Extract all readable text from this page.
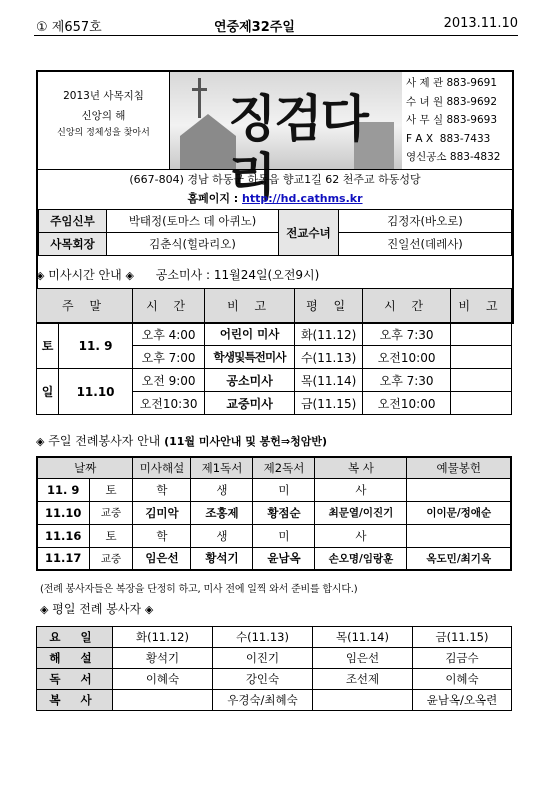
① 제657호	연중제32주일	2013.11.10
2013년 사목지침
신앙의 해
신앙의 정체성을 찾아서	징검다리
사 제 관 883-9691
수 녀 원 883-9692
사 무 실 883-9693
F A X 883-7433
영신공소 883-4832
(667-804) 경남 하동군 하동읍 향교1길 62 천주교 하동성당
홈페이지 : http://hd.cathms.kr
주임신부	박태정(토마스 데 아퀴노)	전교수녀	김정자(바오로)
사목회장	김춘식(힐라리오)		진일선(데레사)
◈ 미사시간 안내 ◈ 공소미사 : 11월24일(오전9시)
주 말		시 간	비 고	평 일	시 간	비 고
토	11. 9	오후 4:00	어린이 미사	화(11.12)	오후 7:30	
		오후 7:00	학생및특전미사	수(11.13)	오전10:00	
일	11.10	오전 9:00	공소미사	목(11.14)	오후 7:30	
		오전10:30	교중미사	금(11.15)	오전10:00	
◈ 주일 전례봉사자 안내 (11월 미사안내 및 봉헌⇒청암반)
날짜		미사해설	제1독서	제2독서	복 사	예물봉헌
11. 9	토	학	생	미	사	
11.10	교중	김미악	조홍제	황점순	최문열/이진기	이이문/정애순
11.16	토	학	생	미	사	
11.17	교중	임은선	황석기	윤남옥	손오명/임랑훈	옥도민/최기옥
(전례 봉사자들은 복장을 단정히 하고, 미사 전에 일찍 와서 준비를 합시다.)
◈ 평일 전례 봉사자 ◈
요 일	화(11.12)	수(11.13)	목(11.14)	금(11.15)
해 설	황석기	이진기	임은선	김금수
독 서	이혜숙	강인숙	조선제	이혜숙
복 사		우경숙/최혜숙		윤남옥/오옥련
